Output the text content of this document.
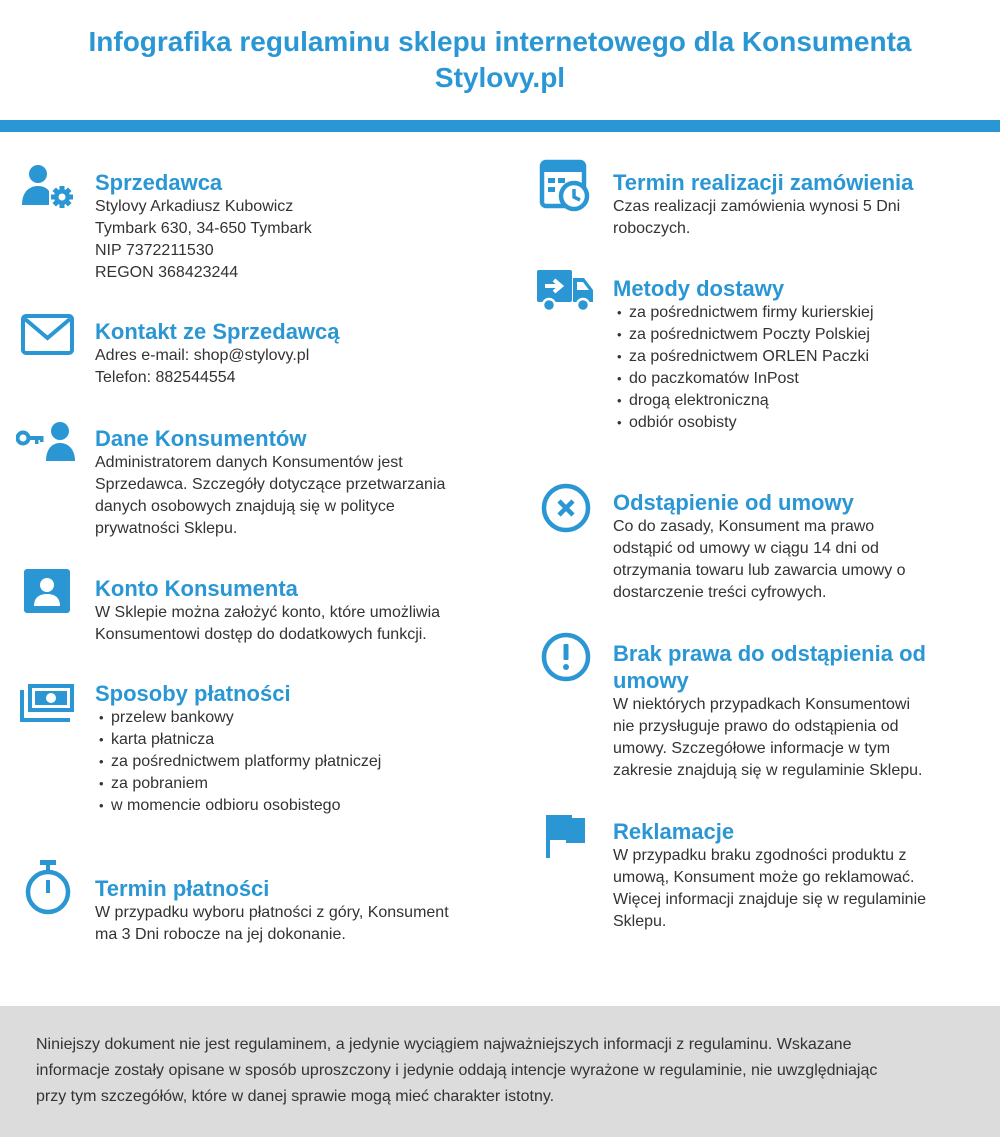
Infografika regulaminu sklepu internetowego dla Konsumenta
Stylovy.pl
Sprzedawca

Stylovy Arkadiusz Kubowicz

Tymbark 630, 34-650 Tymbark

NIP 7372211530

REGON 368423244

Kontakt ze Sprzedawcą

Adres e-mail: shop@stylovy.pl

Telefon: 882544554

Dane Konsumentów

Administratorem danych Konsumentów jest

Sprzedawca. Szczegóły dotyczące przetwarzania

danych osobowych znajdują się w polityce

prywatności Sklepu.

Konto Konsumenta

W Sklepie można założyć konto, które umożliwia

Konsumentowi dostęp do dodatkowych funkcji.

Sposoby płatności
• przelew bankowy
• karta płatnicza
• za pośrednictwem platformy płatniczej
• za pobraniem
• w momencie odbioru osobistego
Termin płatności

W przypadku wyboru płatności z góry, Konsument

ma 3 Dni robocze na jej dokonanie.

Termin realizacji zamówienia

Czas realizacji zamówienia wynosi 5 Dni

roboczych.

Metody dostawy
• za pośrednictwem firmy kurierskiej
• za pośrednictwem Poczty Polskiej
• za pośrednictwem ORLEN Paczki
• do paczkomatów InPost
• drogą elektroniczną
• odbiór osobisty
Odstąpienie od umowy

Co do zasady, Konsument ma prawo

odstąpić od umowy w ciągu 14 dni od

otrzymania towaru lub zawarcia umowy o

dostarczenie treści cyfrowych.

Brak prawa do odstąpienia od
umowy

W niektórych przypadkach Konsumentowi

nie przysługuje prawo do odstąpienia od

umowy. Szczegółowe informacje w tym

zakresie znajdują się w regulaminie Sklepu.

Reklamacje

W przypadku braku zgodności produktu z

umową, Konsument może go reklamować.

Więcej informacji znajduje się w regulaminie

Sklepu.

Niniejszy dokument nie jest regulaminem, a jedynie wyciągiem najważniejszych informacji z regulaminu. Wskazane

informacje zostały opisane w sposób uproszczony i jedynie oddają intencje wyrażone w regulaminie, nie uwzględniając

przy tym szczegółów, które w danej sprawie mogą mieć charakter istotny.
